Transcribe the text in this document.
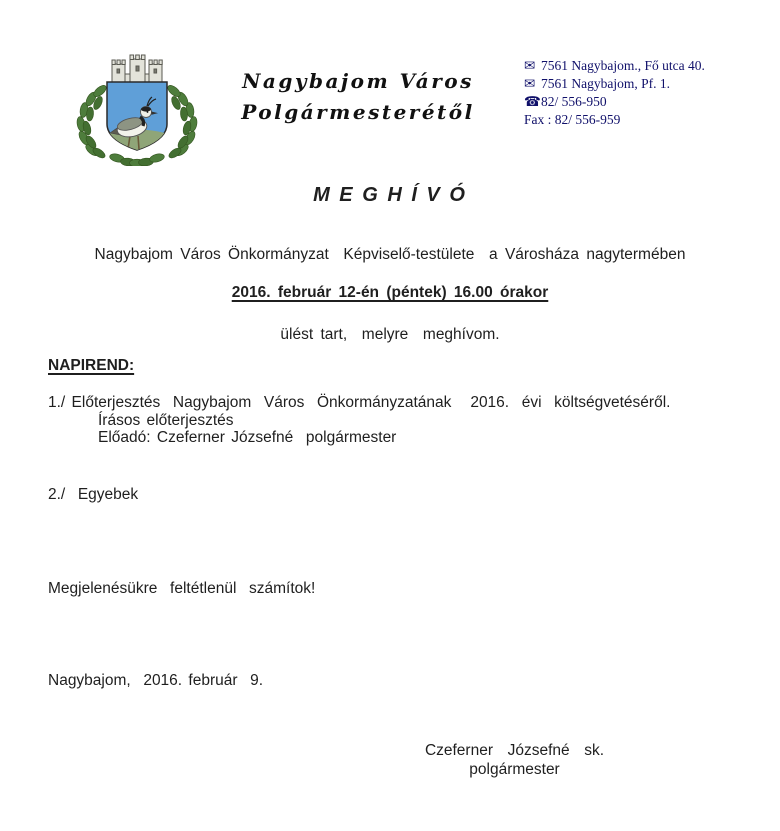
Nagybajom Város
Polgármesterétől
✉ 7561 Nagybajom., Fő utca 40.
✉ 7561 Nagybajom, Pf. 1.
☎82/ 556-950
Fax : 82/ 556-959
M E G H Í V Ó
Nagybajom Város Önkormányzat  Képviselő-testülete  a Városháza nagytermében
2016. február 12-én (péntek) 16.00 órakor
ülést tart,  melyre  meghívom.
NAPIREND:
1./ Előterjesztés  Nagybajom  Város  Önkormányzatának   2016.  évi  költségvetéséről.
Írásos előterjesztés
Előadó: Czeferner Józsefné  polgármester
2./  Egyebek
Megjelenésükre  feltétlenül  számítok!
Nagybajom,  2016. február  9.
Czeferner  Józsefné  sk.
polgármester
